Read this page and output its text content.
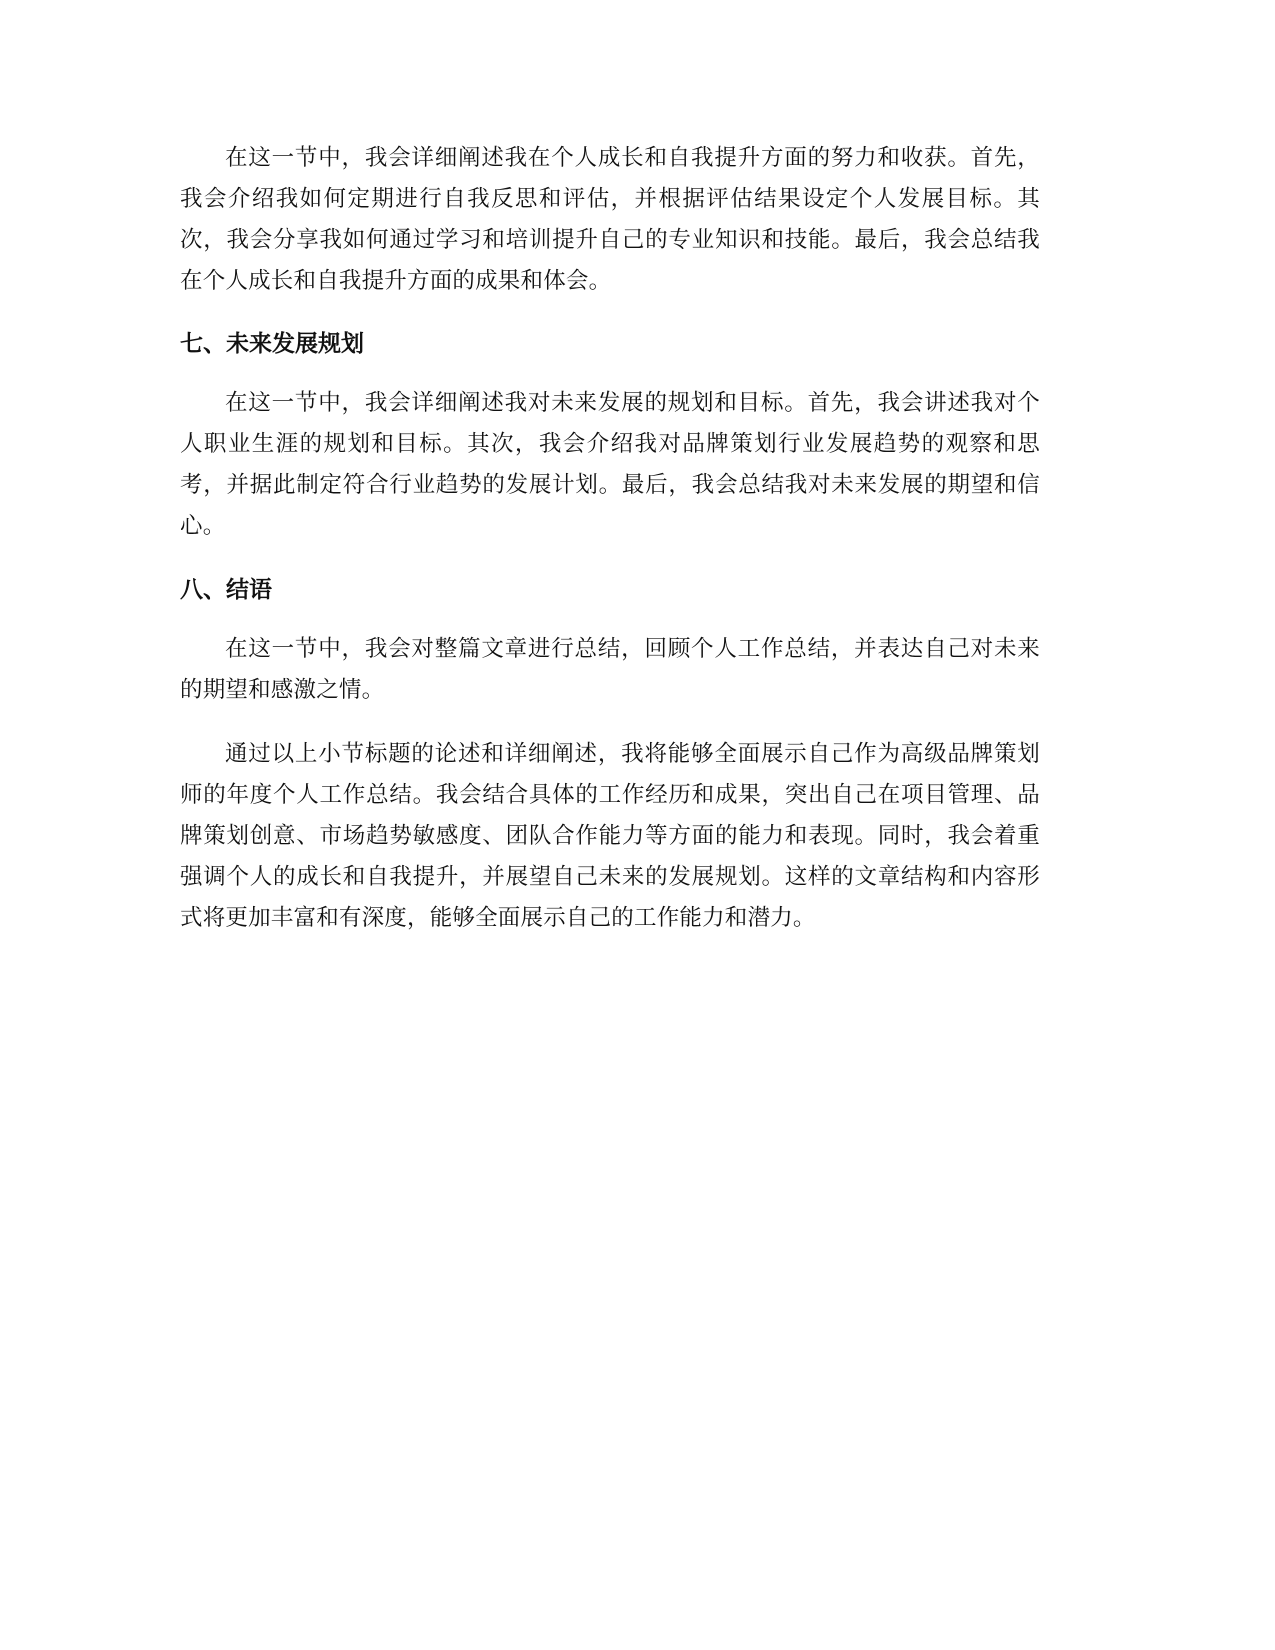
在这一节中，我会详细阐述我在个人成长和自我提升方面的努力和收获。首先，我会介绍我如何定期进行自我反思和评估，并根据评估结果设定个人发展目标。其次，我会分享我如何通过学习和培训提升自己的专业知识和技能。最后，我会总结我在个人成长和自我提升方面的成果和体会。

七、未来发展规划

在这一节中，我会详细阐述我对未来发展的规划和目标。首先，我会讲述我对个人职业生涯的规划和目标。其次，我会介绍我对品牌策划行业发展趋势的观察和思考，并据此制定符合行业趋势的发展计划。最后，我会总结我对未来发展的期望和信心。

八、结语

在这一节中，我会对整篇文章进行总结，回顾个人工作总结，并表达自己对未来的期望和感激之情。

通过以上小节标题的论述和详细阐述，我将能够全面展示自己作为高级品牌策划师的年度个人工作总结。我会结合具体的工作经历和成果，突出自己在项目管理、品牌策划创意、市场趋势敏感度、团队合作能力等方面的能力和表现。同时，我会着重强调个人的成长和自我提升，并展望自己未来的发展规划。这样的文章结构和内容形式将更加丰富和有深度，能够全面展示自己的工作能力和潜力。
